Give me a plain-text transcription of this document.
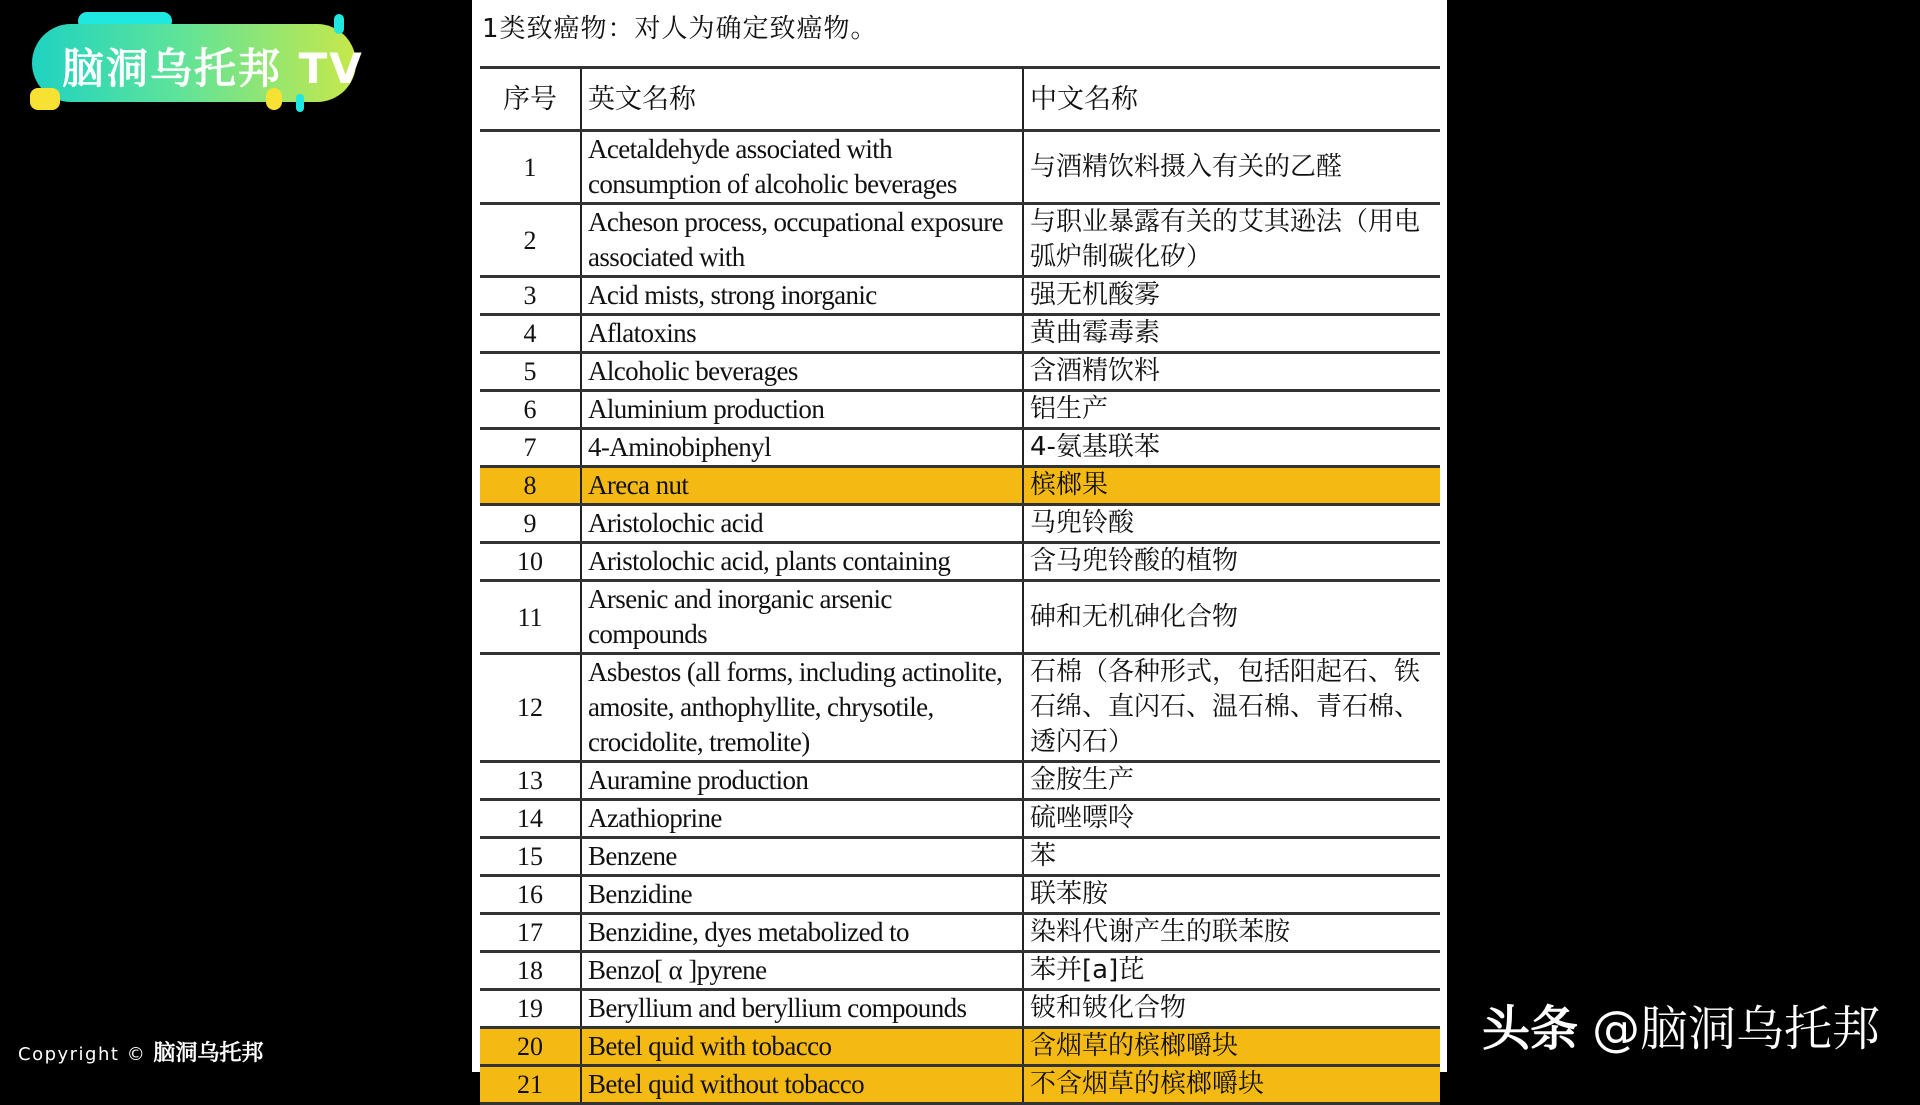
脑洞乌托邦 TV
1类致癌物：对人为确定致癌物。
序号	英文名称	中文名称
1	Acetaldehyde associated with consumption of alcoholic beverages	与酒精饮料摄入有关的乙醛
2	Acheson process, occupational exposure associated with	与职业暴露有关的艾其逊法（用电弧炉制碳化矽）
3	Acid mists, strong inorganic	强无机酸雾
4	Aflatoxins	黄曲霉毒素
5	Alcoholic beverages	含酒精饮料
6	Aluminium production	铝生产
7	4-Aminobiphenyl	4-氨基联苯
8	Areca nut	槟榔果
9	Aristolochic acid	马兜铃酸
10	Aristolochic acid, plants containing	含马兜铃酸的植物
11	Arsenic and inorganic arsenic compounds	砷和无机砷化合物
12	Asbestos (all forms, including actinolite, amosite, anthophyllite, chrysotile, crocidolite, tremolite)	石棉（各种形式，包括阳起石、铁石绵、直闪石、温石棉、青石棉、透闪石）
13	Auramine production	金胺生产
14	Azathioprine	硫唑嘌呤
15	Benzene	苯
16	Benzidine	联苯胺
17	Benzidine, dyes metabolized to	染料代谢产生的联苯胺
18	Benzo[ α ]pyrene	苯并[a]芘
19	Beryllium and beryllium compounds	铍和铍化合物
20	Betel quid with tobacco	含烟草的槟榔嚼块
21	Betel quid without tobacco	不含烟草的槟榔嚼块
Copyright © 脑洞乌托邦	头条 @脑洞乌托邦
